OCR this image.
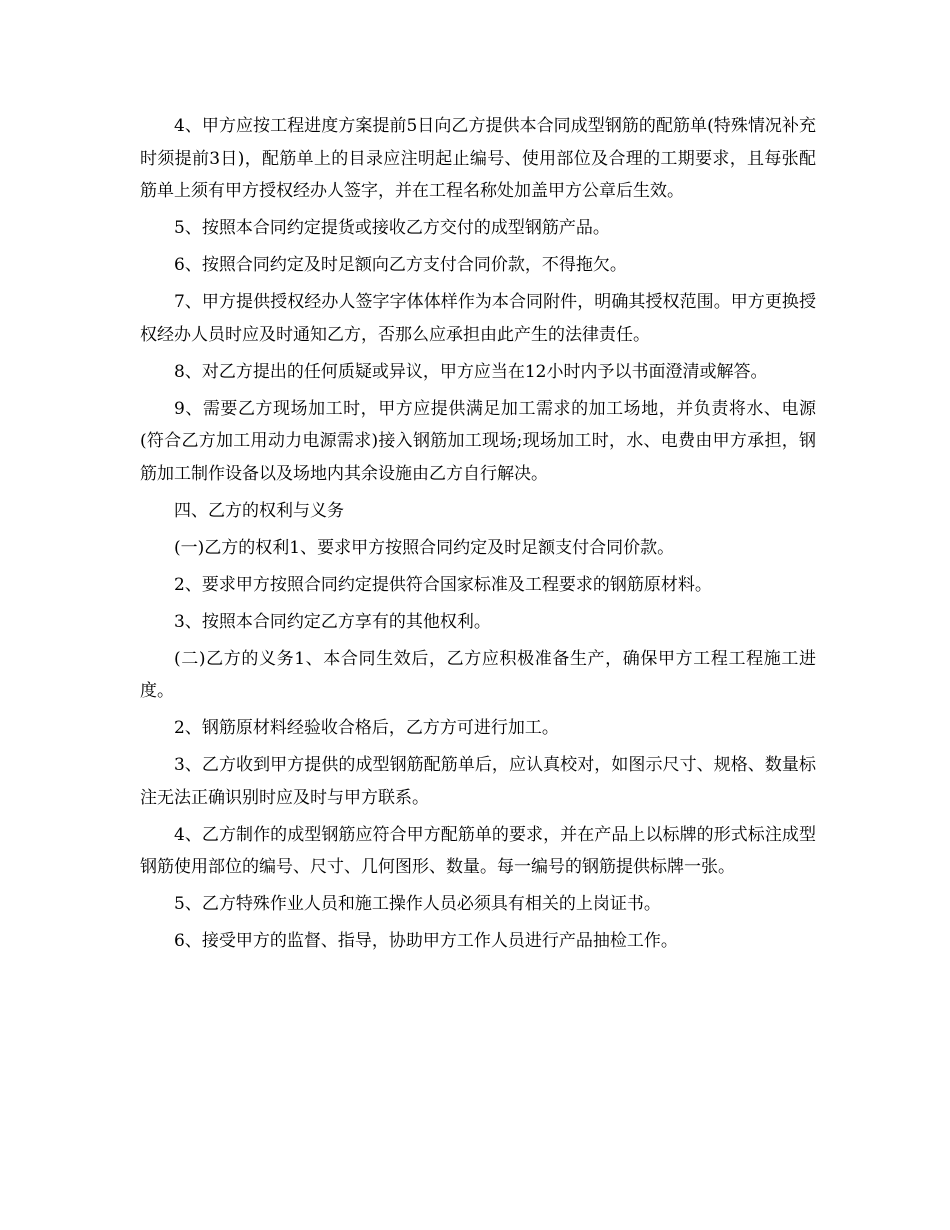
4、甲方应按工程进度方案提前5日向乙方提供本合同成型钢筋的配筋单(特殊情况补充时须提前3日)，配筋单上的目录应注明起止编号、使用部位及合理的工期要求，且每张配筋单上须有甲方授权经办人签字，并在工程名称处加盖甲方公章后生效。

5、按照本合同约定提货或接收乙方交付的成型钢筋产品。

6、按照合同约定及时足额向乙方支付合同价款，不得拖欠。

7、甲方提供授权经办人签字字体体样作为本合同附件，明确其授权范围。甲方更换授权经办人员时应及时通知乙方，否那么应承担由此产生的法律责任。

8、对乙方提出的任何质疑或异议，甲方应当在12小时内予以书面澄清或解答。

9、需要乙方现场加工时，甲方应提供满足加工需求的加工场地，并负责将水、电源(符合乙方加工用动力电源需求)接入钢筋加工现场;现场加工时，水、电费由甲方承担，钢筋加工制作设备以及场地内其余设施由乙方自行解决。

四、乙方的权利与义务

(一)乙方的权利1、要求甲方按照合同约定及时足额支付合同价款。

2、要求甲方按照合同约定提供符合国家标准及工程要求的钢筋原材料。

3、按照本合同约定乙方享有的其他权利。

(二)乙方的义务1、本合同生效后，乙方应积极准备生产，确保甲方工程工程施工进度。

2、钢筋原材料经验收合格后，乙方方可进行加工。

3、乙方收到甲方提供的成型钢筋配筋单后，应认真校对，如图示尺寸、规格、数量标注无法正确识别时应及时与甲方联系。

4、乙方制作的成型钢筋应符合甲方配筋单的要求，并在产品上以标牌的形式标注成型钢筋使用部位的编号、尺寸、几何图形、数量。每一编号的钢筋提供标牌一张。

5、乙方特殊作业人员和施工操作人员必须具有相关的上岗证书。

6、接受甲方的监督、指导，协助甲方工作人员进行产品抽检工作。
